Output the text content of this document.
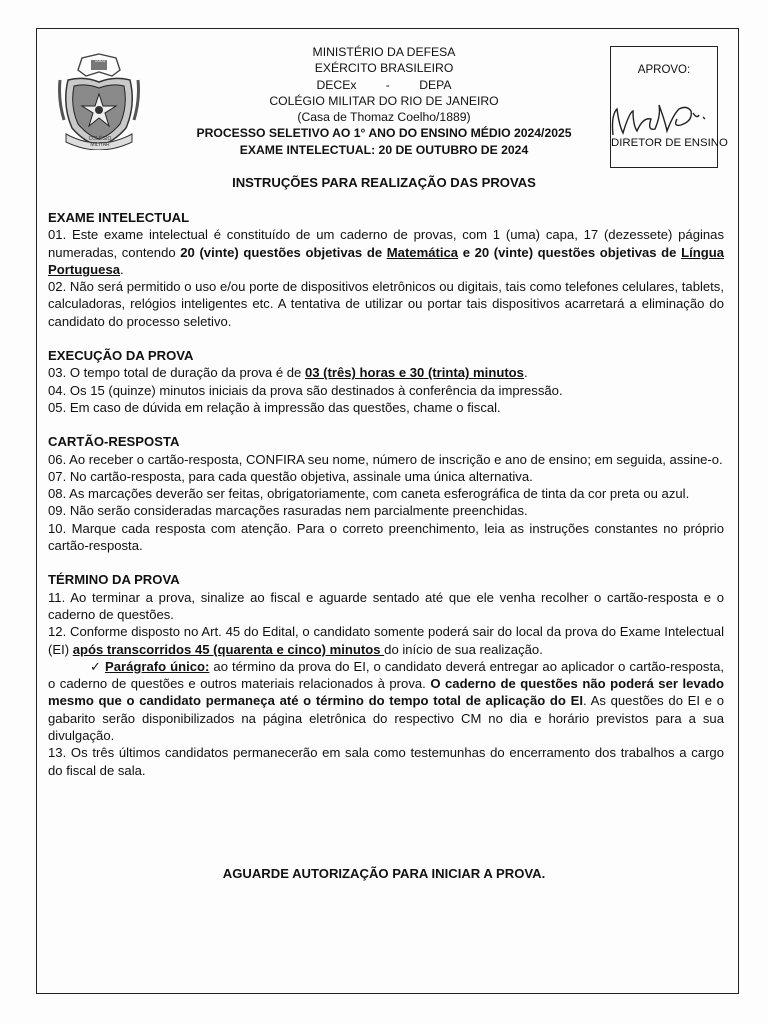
COLÉGIO MILITAR
1889
MINISTÉRIO DA DEFESA
EXÉRCITO BRASILEIRO
DECEx - DEPA
COLÉGIO MILITAR DO RIO DE JANEIRO
(Casa de Thomaz Coelho/1889)
PROCESSO SELETIVO AO 1° ANO DO ENSINO MÉDIO 2024/2025
EXAME INTELECTUAL: 20 DE OUTUBRO DE 2024
APROVO:
DIRETOR DE ENSINO
INSTRUÇÕES PARA REALIZAÇÃO DAS PROVAS

EXAME INTELECTUAL

01. Este exame intelectual é constituído de um caderno de provas, com 1 (uma) capa, 17 (dezessete) páginas numeradas, contendo 20 (vinte) questões objetivas de Matemática e 20 (vinte) questões objetivas de Língua Portuguesa.

02. Não será permitido o uso e/ou porte de dispositivos eletrônicos ou digitais, tais como telefones celulares, tablets, calculadoras, relógios inteligentes etc. A tentativa de utilizar ou portar tais dispositivos acarretará a eliminação do candidato do processo seletivo.

EXECUÇÃO DA PROVA

03. O tempo total de duração da prova é de 03 (três) horas e 30 (trinta) minutos.

04. Os 15 (quinze) minutos iniciais da prova são destinados à conferência da impressão.

05. Em caso de dúvida em relação à impressão das questões, chame o fiscal.

CARTÃO-RESPOSTA

06. Ao receber o cartão-resposta, CONFIRA seu nome, número de inscrição e ano de ensino; em seguida, assine-o.

07. No cartão-resposta, para cada questão objetiva, assinale uma única alternativa.

08. As marcações deverão ser feitas, obrigatoriamente, com caneta esferográfica de tinta da cor preta ou azul.

09. Não serão consideradas marcações rasuradas nem parcialmente preenchidas.

10. Marque cada resposta com atenção. Para o correto preenchimento, leia as instruções constantes no próprio cartão-resposta.

TÉRMINO DA PROVA

11. Ao terminar a prova, sinalize ao fiscal e aguarde sentado até que ele venha recolher o cartão-resposta e o caderno de questões.

12. Conforme disposto no Art. 45 do Edital, o candidato somente poderá sair do local da prova do Exame Intelectual (EI) após transcorridos 45 (quarenta e cinco) minutos do início de sua realização.

✓ Parágrafo único: ao término da prova do EI, o candidato deverá entregar ao aplicador o cartão-resposta, o caderno de questões e outros materiais relacionados à prova. O caderno de questões não poderá ser levado mesmo que o candidato permaneça até o término do tempo total de aplicação do EI. As questões do EI e o gabarito serão disponibilizados na página eletrônica do respectivo CM no dia e horário previstos para a sua divulgação.

13. Os três últimos candidatos permanecerão em sala como testemunhas do encerramento dos trabalhos a cargo do fiscal de sala.

AGUARDE AUTORIZAÇÃO PARA INICIAR A PROVA.
